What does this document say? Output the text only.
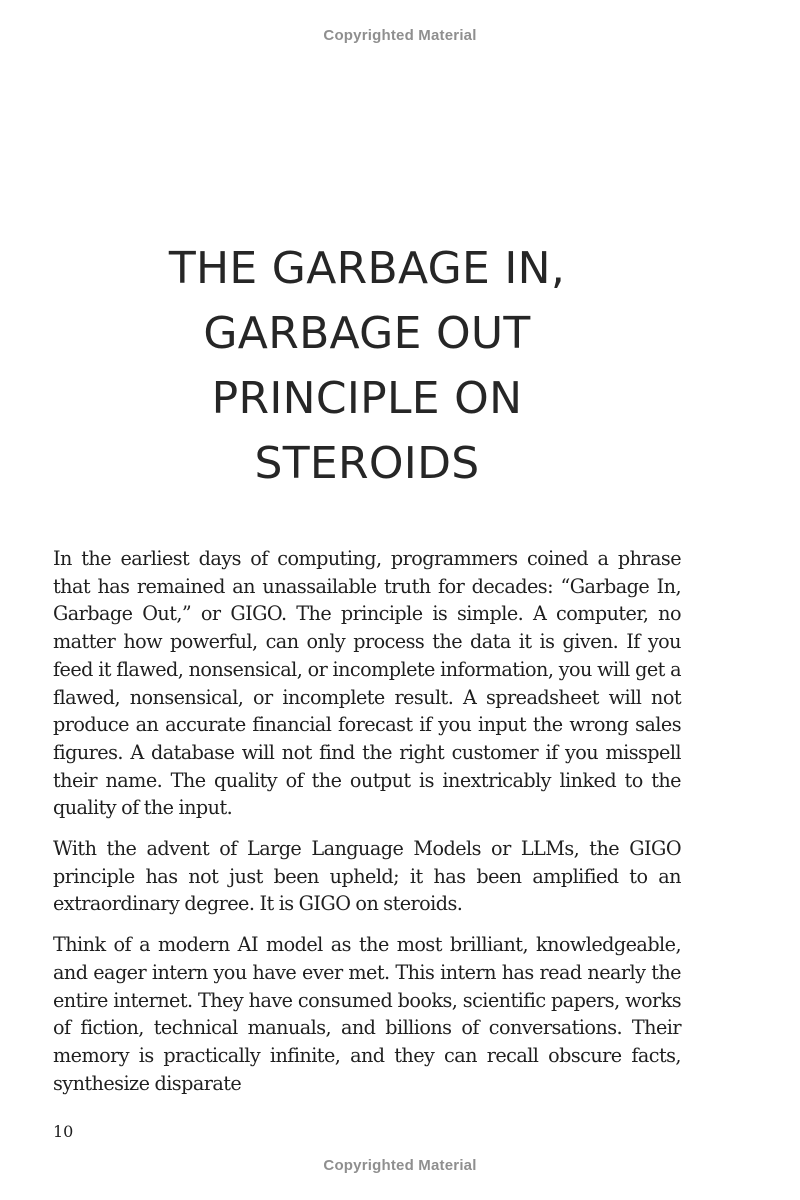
Copyrighted Material
THE GARBAGE IN,
GARBAGE OUT
PRINCIPLE ON
STEROIDS

In the earliest days of computing, programmers coined a phrase that has remained an unassailable truth for decades: “Garbage In, Garbage Out,” or GIGO. The principle is simple. A computer, no matter how powerful, can only process the data it is given. If you feed it flawed, nonsensical, or incomplete information, you will get a flawed, nonsensical, or incomplete result. A spreadsheet will not produce an accurate financial forecast if you input the wrong sales figures. A database will not find the right customer if you misspell their name. The quality of the output is inextricably linked to the quality of the input.

With the advent of Large Language Models or LLMs, the GIGO principle has not just been upheld; it has been amplified to an extraordinary degree. It is GIGO on steroids.

Think of a modern AI model as the most brilliant, knowledgeable, and eager intern you have ever met. This intern has read nearly the entire internet. They have consumed books, scientific papers, works of fiction, technical manuals, and billions of conversations. Their memory is practically infinite, and they can recall obscure facts, synthesize disparate

10
Copyrighted Material
